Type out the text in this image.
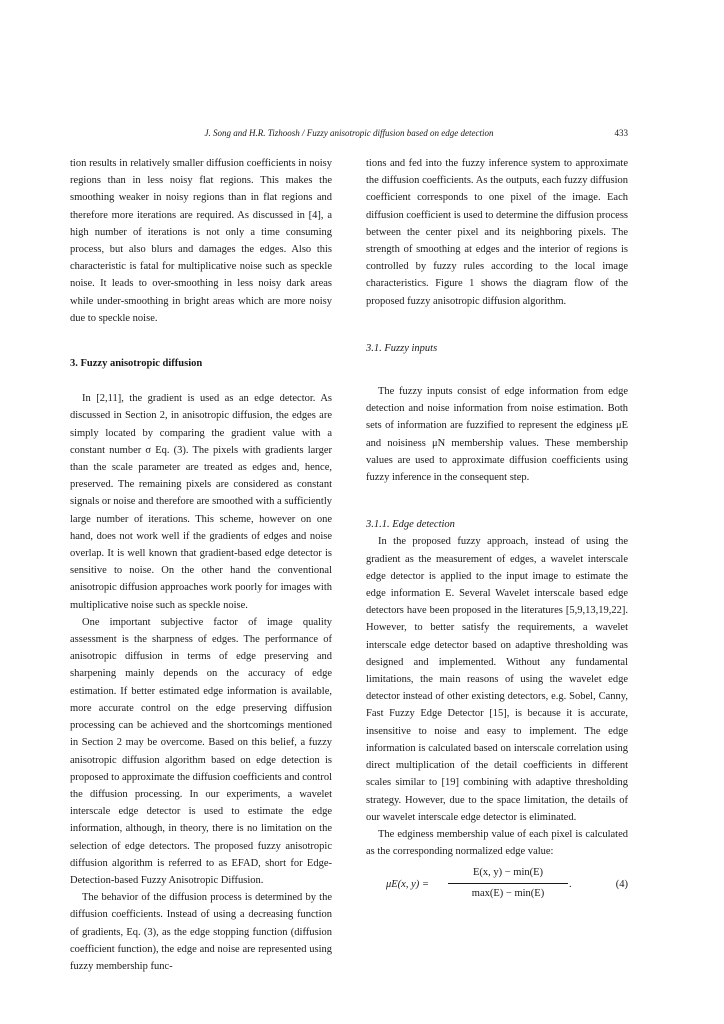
J. Song and H.R. Tizhoosh / Fuzzy anisotropic diffusion based on edge detection	433

tion results in relatively smaller diffusion coefficients in noisy regions than in less noisy flat regions. This makes the smoothing weaker in noisy regions than in flat regions and therefore more iterations are required. As discussed in [4], a high number of iterations is not only a time consuming process, but also blurs and damages the edges. Also this characteristic is fatal for multiplicative noise such as speckle noise. It leads to over-smoothing in less noisy dark areas while under-smoothing in bright areas which are more noisy due to speckle noise.

3. Fuzzy anisotropic diffusion

In [2,11], the gradient is used as an edge detector. As discussed in Section 2, in anisotropic diffusion, the edges are simply located by comparing the gradient value with a constant number σ Eq. (3). The pixels with gradients larger than the scale parameter are treated as edges and, hence, preserved. The remaining pixels are considered as constant signals or noise and therefore are smoothed with a sufficiently large number of iterations. This scheme, however on one hand, does not work well if the gradients of edges and noise overlap. It is well known that gradient-based edge detector is sensitive to noise. On the other hand the conventional anisotropic diffusion approaches work poorly for images with multiplicative noise such as speckle noise.

One important subjective factor of image quality assessment is the sharpness of edges. The performance of anisotropic diffusion in terms of edge preserving and sharpening mainly depends on the accuracy of edge estimation. If better estimated edge information is available, more accurate control on the edge preserving diffusion processing can be achieved and the shortcomings mentioned in Section 2 may be overcome. Based on this belief, a fuzzy anisotropic diffusion algorithm based on edge detection is proposed to approximate the diffusion coefficients and control the diffusion processing. In our experiments, a wavelet interscale edge detector is used to estimate the edge information, although, in theory, there is no limitation on the selection of edge detectors. The proposed fuzzy anisotropic diffusion algorithm is referred to as EFAD, short for Edge-Detection-based Fuzzy Anisotropic Diffusion.

The behavior of the diffusion process is determined by the diffusion coefficients. Instead of using a decreasing function of gradients, Eq. (3), as the edge stopping function (diffusion coefficient function), the edge and noise are represented using fuzzy membership func-

tions and fed into the fuzzy inference system to approximate the diffusion coefficients. As the outputs, each fuzzy diffusion coefficient corresponds to one pixel of the image. Each diffusion coefficient is used to determine the diffusion process between the center pixel and its neighboring pixels. The strength of smoothing at edges and the interior of regions is controlled by fuzzy rules according to the local image characteristics. Figure 1 shows the diagram flow of the proposed fuzzy anisotropic diffusion algorithm.

3.1. Fuzzy inputs

The fuzzy inputs consist of edge information from edge detection and noise information from noise estimation. Both sets of information are fuzzified to represent the edginess μE and noisiness μN membership values. These membership values are used to approximate diffusion coefficients using fuzzy inference in the consequent step.

3.1.1. Edge detection

In the proposed fuzzy approach, instead of using the gradient as the measurement of edges, a wavelet interscale edge detector is applied to the input image to estimate the edge information E. Several Wavelet interscale based edge detectors have been proposed in the literatures [5,9,13,19,22]. However, to better satisfy the requirements, a wavelet interscale edge detector based on adaptive thresholding was designed and implemented. Without any fundamental limitations, the main reasons of using the wavelet edge detector instead of other existing detectors, e.g. Sobel, Canny, Fast Fuzzy Edge Detector [15], is because it is accurate, insensitive to noise and easy to implement. The edge information is calculated based on interscale correlation using direct multiplication of the detail coefficients in different scales similar to [19] combining with adaptive thresholding strategy. However, due to the space limitation, the details of our wavelet interscale edge detector is eliminated.

The edginess membership value of each pixel is calculated as the corresponding normalized edge value:

μE(x, y) =
E(x, y) − min(E)
max(E) − min(E)
.	(4)
